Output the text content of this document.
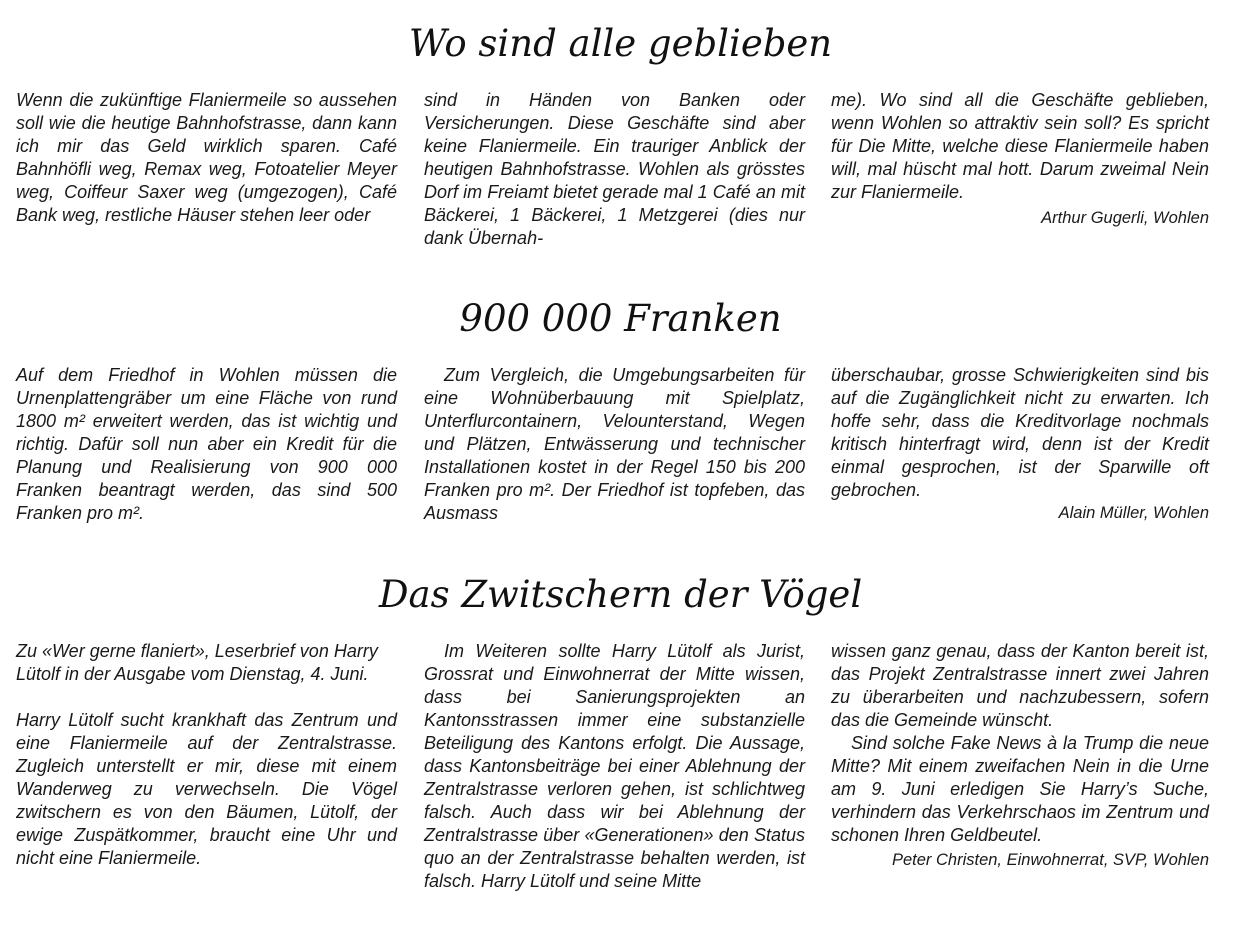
Wo sind alle geblieben

Wenn die zukünftige Flaniermeile so aussehen soll wie die heutige Bahnhofstrasse, dann kann ich mir das Geld wirklich sparen. Café Bahnhöfli weg, Remax weg, Fotoatelier Meyer weg, Coiffeur Saxer weg (umgezogen), Café Bank weg, restliche Häuser stehen leer oder

sind in Händen von Banken oder Versicherungen. Diese Geschäfte sind aber keine Flaniermeile. Ein trauriger Anblick der heutigen Bahnhofstrasse. Wohlen als grösstes Dorf im Freiamt bietet gerade mal 1 Café an mit Bäckerei, 1 Bäckerei, 1 Metzgerei (dies nur dank Übernah-

me). Wo sind all die Geschäfte geblieben, wenn Wohlen so attraktiv sein soll? Es spricht für Die Mitte, welche diese Flaniermeile haben will, mal hüscht mal hott. Darum zweimal Nein zur Flaniermeile.

Arthur Gugerli, Wohlen
900 000 Franken

Auf dem Friedhof in Wohlen müssen die Urnenplattengräber um eine Fläche von rund 1800 m² erweitert werden, das ist wichtig und richtig. Dafür soll nun aber ein Kredit für die Planung und Realisierung von 900 000 Franken beantragt werden, das sind 500 Franken pro m².

Zum Vergleich, die Umgebungsarbeiten für eine Wohnüberbauung mit Spielplatz, Unterflurcontainern, Velounterstand, Wegen und Plätzen, Entwässerung und technischer Installationen kostet in der Regel 150 bis 200 Franken pro m². Der Friedhof ist topfeben, das Ausmass

überschaubar, grosse Schwierigkeiten sind bis auf die Zugänglichkeit nicht zu erwarten. Ich hoffe sehr, dass die Kreditvorlage nochmals kritisch hinterfragt wird, denn ist der Kredit einmal gesprochen, ist der Sparwille oft gebrochen.

Alain Müller, Wohlen
Das Zwitschern der Vögel

Zu «Wer gerne flaniert», Leserbrief von Harry Lütolf in der Ausgabe vom Dienstag, 4. Juni.

Harry Lütolf sucht krankhaft das Zentrum und eine Flaniermeile auf der Zentralstrasse. Zugleich unterstellt er mir, diese mit einem Wanderweg zu verwechseln. Die Vögel zwitschern es von den Bäumen, Lütolf, der ewige Zuspätkommer, braucht eine Uhr und nicht eine Flaniermeile.

Im Weiteren sollte Harry Lütolf als Jurist, Grossrat und Einwohnerrat der Mitte wissen, dass bei Sanierungsprojekten an Kantonsstrassen immer eine substanzielle Beteiligung des Kantons erfolgt. Die Aussage, dass Kantonsbeiträge bei einer Ablehnung der Zentralstrasse verloren gehen, ist schlichtweg falsch. Auch dass wir bei Ablehnung der Zentralstrasse über «Generationen» den Status quo an der Zentralstrasse behalten werden, ist falsch. Harry Lütolf und seine Mitte

wissen ganz genau, dass der Kanton bereit ist, das Projekt Zentralstrasse innert zwei Jahren zu überarbeiten und nachzubessern, sofern das die Gemeinde wünscht.

Sind solche Fake News à la Trump die neue Mitte? Mit einem zweifachen Nein in die Urne am 9. Juni erledigen Sie Harry’s Suche, verhindern das Verkehrschaos im Zentrum und schonen Ihren Geldbeutel.

Peter Christen, Einwohnerrat, SVP, Wohlen
